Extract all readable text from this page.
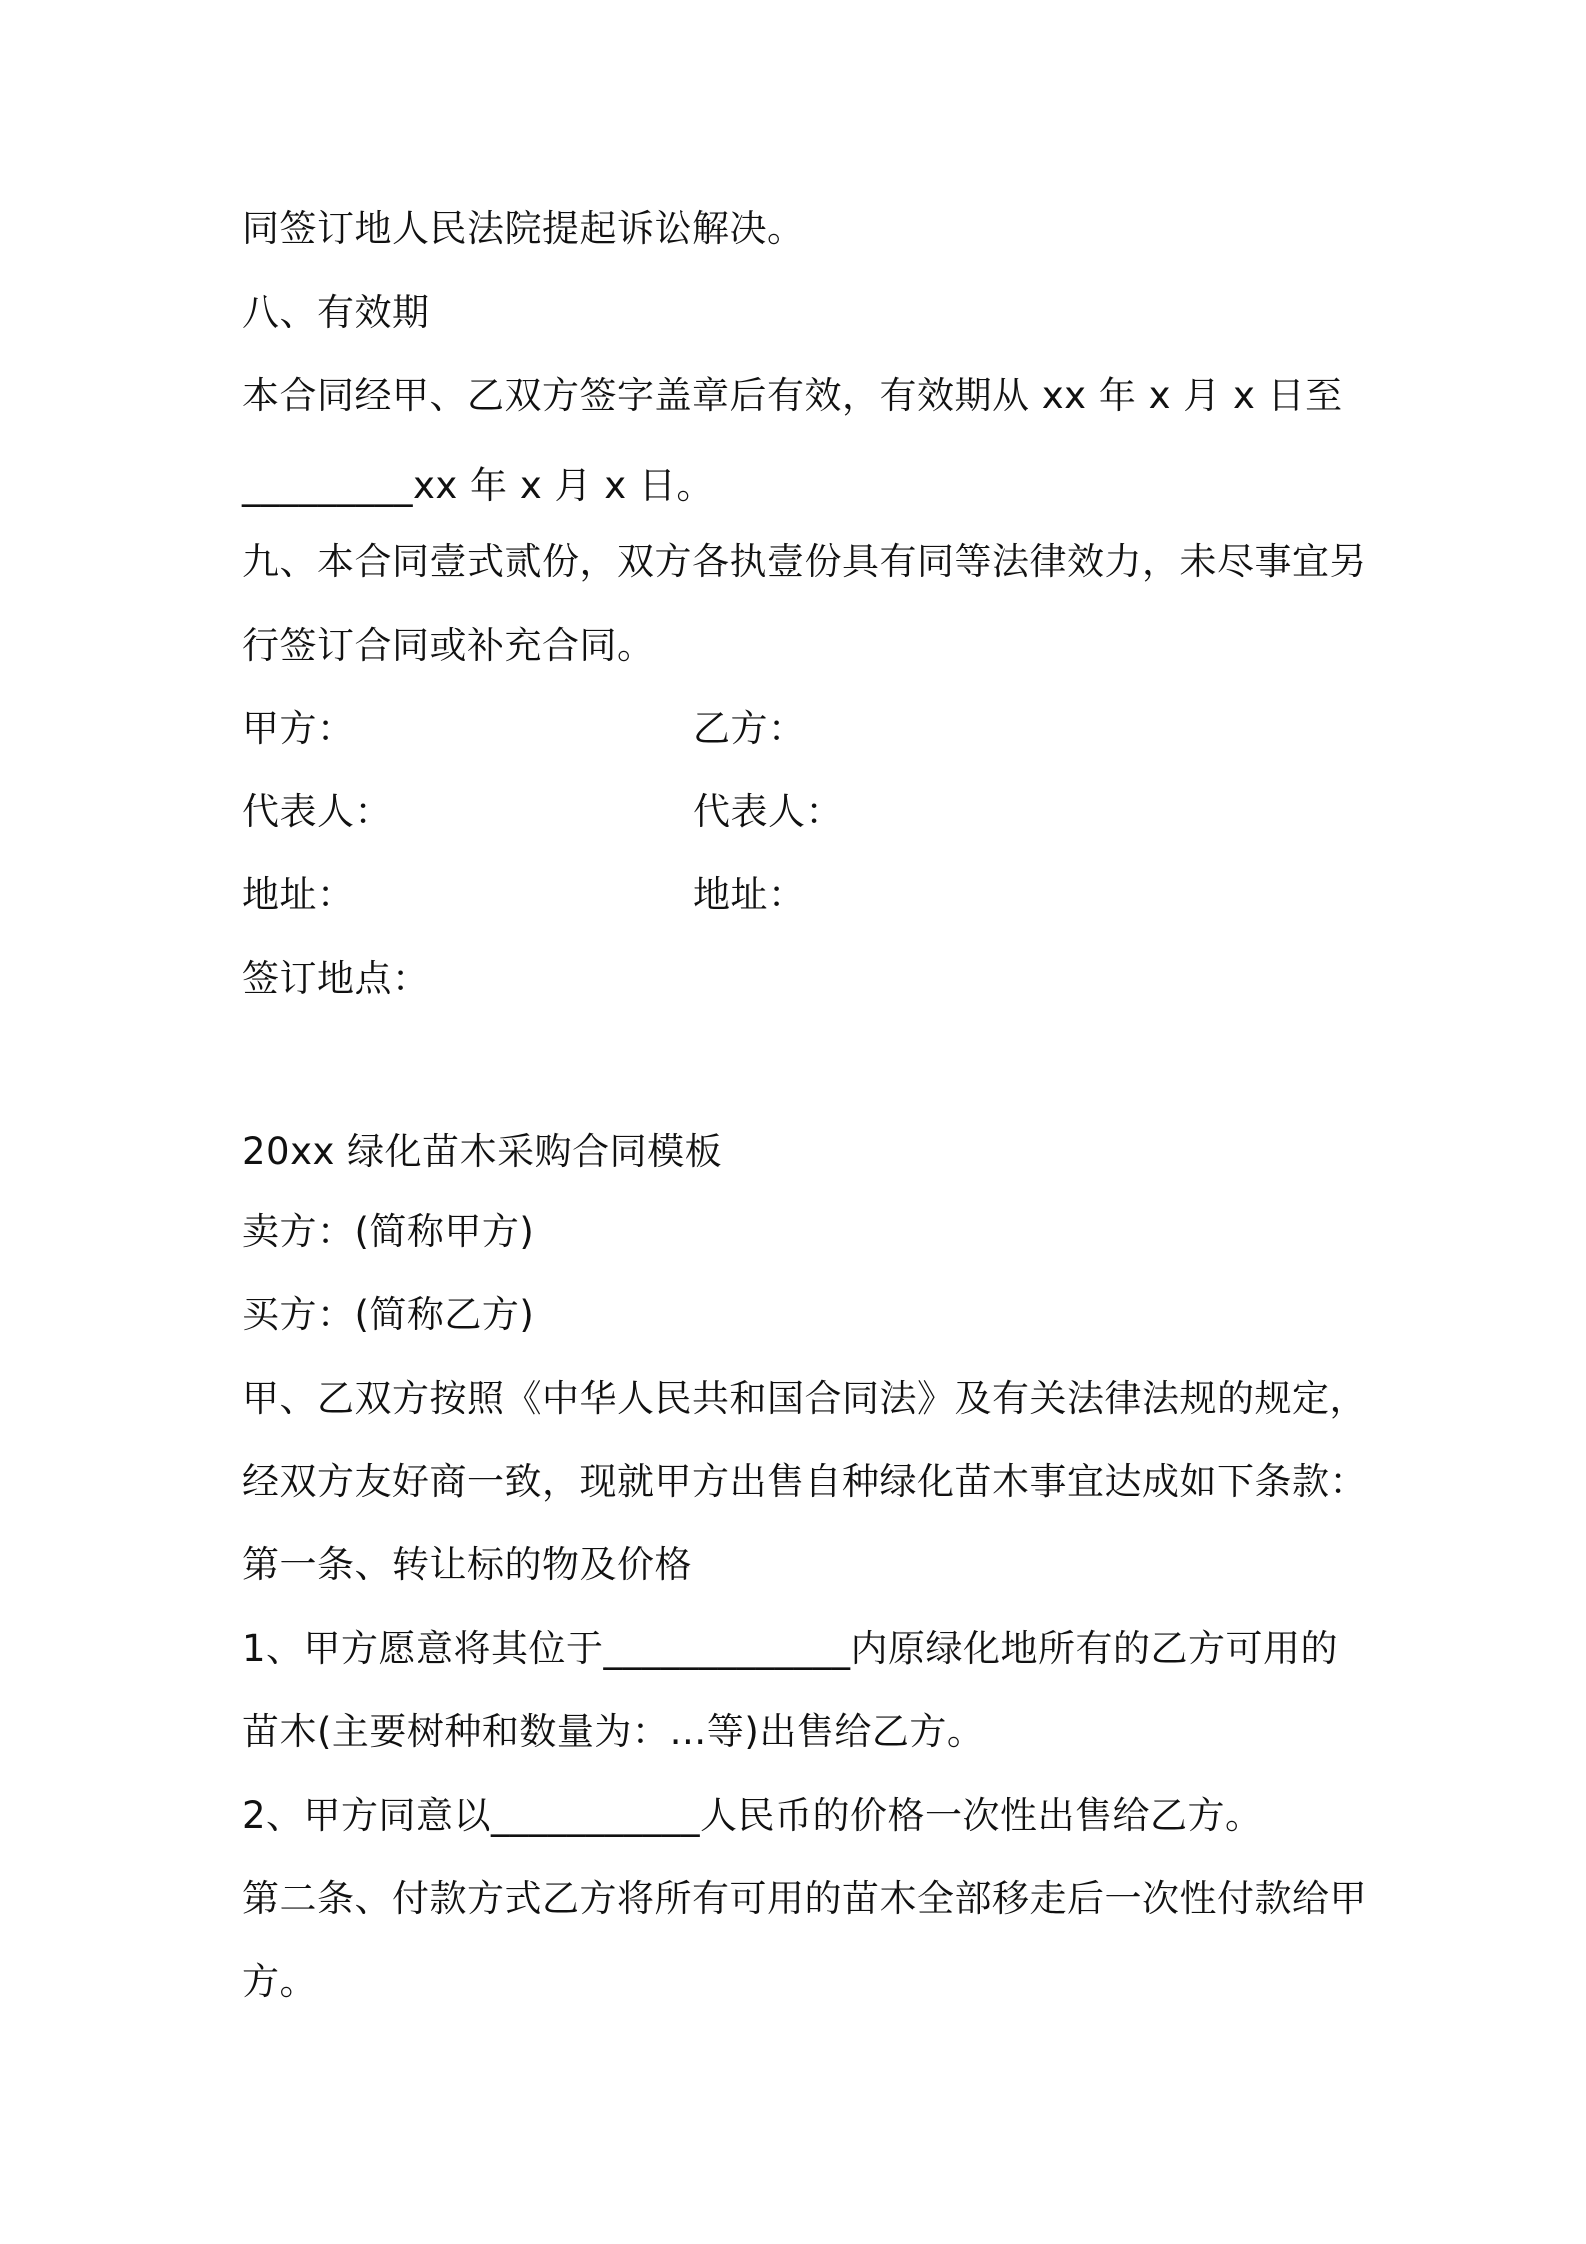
同签订地人民法院提起诉讼解决。
八、有效期
本合同经甲、乙双方签字盖章后有效，有效期从 xx 年 x 月 x 日至
_________xx 年 x 月 x 日。
九、本合同壹式贰份，双方各执壹份具有同等法律效力，未尽事宜另
行签订合同或补充合同。
甲方：	乙方：
代表人：	代表人：
地址：	地址：
签订地点：
20xx 绿化苗木采购合同模板
卖方：(简称甲方)
买方：(简称乙方)
甲、乙双方按照《中华人民共和国合同法》及有关法律法规的规定，
经双方友好商一致，现就甲方出售自种绿化苗木事宜达成如下条款：
第一条、转让标的物及价格
1、甲方愿意将其位于_____________内原绿化地所有的乙方可用的
苗木(主要树种和数量为：…等)出售给乙方。
2、甲方同意以___________人民币的价格一次性出售给乙方。
第二条、付款方式乙方将所有可用的苗木全部移走后一次性付款给甲
方。
